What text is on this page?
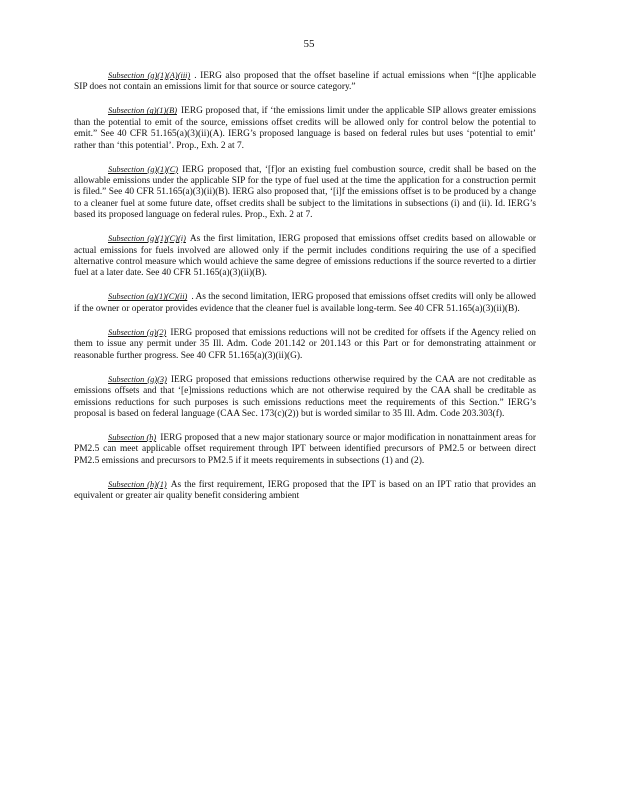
55

Subsection (g)(1)(A)(iii) . IERG also proposed that the offset baseline if actual emissions when “[t]he applicable SIP does not contain an emissions limit for that source or source category.”

Subsection (g)(1)(B) IERG proposed that, if ‘the emissions limit under the applicable SIP allows greater emissions than the potential to emit of the source, emissions offset credits will be allowed only for control below the potential to emit.” See 40 CFR 51.165(a)(3)(ii)(A). IERG’s proposed language is based on federal rules but uses ‘potential to emit’ rather than ‘this potential’. Prop., Exh. 2 at 7.

Subsection (g)(1)(C) IERG proposed that, ‘[f]or an existing fuel combustion source, credit shall be based on the allowable emissions under the applicable SIP for the type of fuel used at the time the application for a construction permit is filed.” See 40 CFR 51.165(a)(3)(ii)(B). IERG also proposed that, ‘[i]f the emissions offset is to be produced by a change to a cleaner fuel at some future date, offset credits shall be subject to the limitations in subsections (i) and (ii). Id. IERG’s based its proposed language on federal rules. Prop., Exh. 2 at 7.

Subsection (g)(1)(C)(i) As the first limitation, IERG proposed that emissions offset credits based on allowable or actual emissions for fuels involved are allowed only if the permit includes conditions requiring the use of a specified alternative control measure which would achieve the same degree of emissions reductions if the source reverted to a dirtier fuel at a later date. See 40 CFR 51.165(a)(3)(ii)(B).

Subsection (g)(1)(C)(ii) . As the second limitation, IERG proposed that emissions offset credits will only be allowed if the owner or operator provides evidence that the cleaner fuel is available long-term. See 40 CFR 51.165(a)(3)(ii)(B).

Subsection (g)(2) IERG proposed that emissions reductions will not be credited for offsets if the Agency relied on them to issue any permit under 35 Ill. Adm. Code 201.142 or 201.143 or this Part or for demonstrating attainment or reasonable further progress. See 40 CFR 51.165(a)(3)(ii)(G).

Subsection (g)(3) IERG proposed that emissions reductions otherwise required by the CAA are not creditable as emissions offsets and that ‘[e]missions reductions which are not otherwise required by the CAA shall be creditable as emissions reductions for such purposes is such emissions reductions meet the requirements of this Section.” IERG’s proposal is based on federal language (CAA Sec. 173(c)(2)) but is worded similar to 35 Ill. Adm. Code 203.303(f).

Subsection (h) IERG proposed that a new major stationary source or major modification in nonattainment areas for PM2.5 can meet applicable offset requirement through IPT between identified precursors of PM2.5 or between direct PM2.5 emissions and precursors to PM2.5 if it meets requirements in subsections (1) and (2).

Subsection (h)(1) As the first requirement, IERG proposed that the IPT is based on an IPT ratio that provides an equivalent or greater air quality benefit considering ambient
